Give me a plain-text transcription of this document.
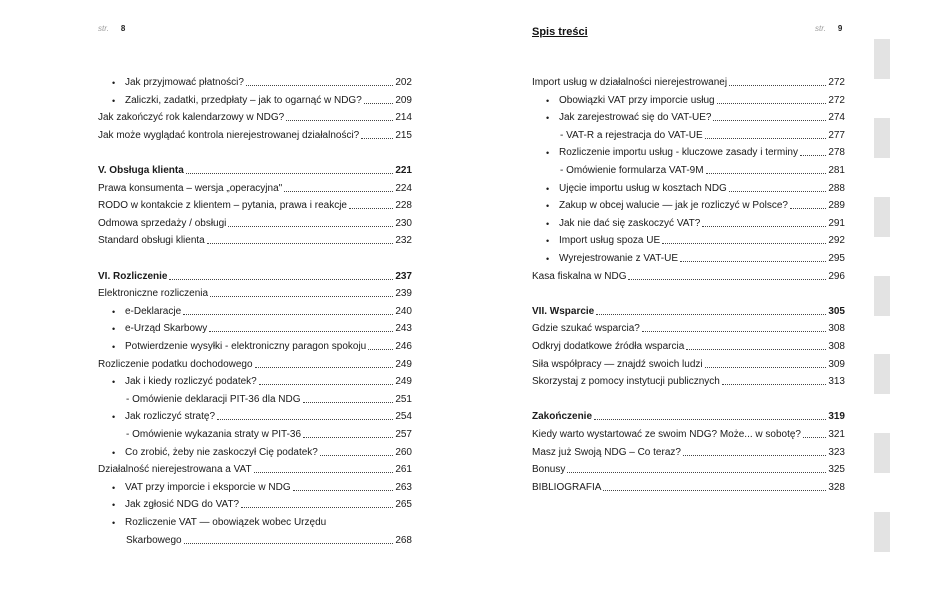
str. 8
• Jak przyjmować płatności?	202
• Zaliczki, zadatki, przedpłaty – jak to ogarnąć w NDG?	209
Jak zakończyć rok kalendarzowy w NDG?	214
Jak może wyglądać kontrola nierejestrowanej działalności?	215
V. Obsługa klienta	221
Prawa konsumenta – wersja „operacyjna"	224
RODO w kontakcie z klientem – pytania, prawa i reakcje	228
Odmowa sprzedaży / obsługi	230
Standard obsługi klienta	232
VI. Rozliczenie	237
Elektroniczne rozliczenia	239
• e-Deklaracje	240
• e-Urząd Skarbowy	243
• Potwierdzenie wysyłki - elektroniczny paragon spokoju	246
Rozliczenie podatku dochodowego	249
• Jak i kiedy rozliczyć podatek?	249
- Omówienie deklaracji PIT-36 dla NDG	251
• Jak rozliczyć stratę?	254
- Omówienie wykazania straty w PIT-36	257
• Co zrobić, żeby nie zaskoczył Cię podatek?	260
Działalność nierejestrowana a VAT	261
• VAT przy imporcie i eksporcie w NDG	263
• Jak zgłosić NDG do VAT?	265
• Rozliczenie VAT — obowiązek wobec Urzędu
Skarbowego	268
Spis treści	str. 9
Import usług w działalności nierejestrowanej	272
• Obowiązki VAT przy imporcie usług	272
• Jak zarejestrować się do VAT-UE?	274
- VAT-R a rejestracja do VAT-UE	277
• Rozliczenie importu usług - kluczowe zasady i terminy	278
- Omówienie formularza VAT-9M	281
• Ujęcie importu usług w kosztach NDG	288
• Zakup w obcej walucie — jak je rozliczyć w Polsce?	289
• Jak nie dać się zaskoczyć VAT?	291
• Import usług spoza UE	292
• Wyrejestrowanie z VAT-UE	295
Kasa fiskalna w NDG	296
VII. Wsparcie	305
Gdzie szukać wsparcia?	308
Odkryj dodatkowe źródła wsparcia	308
Siła współpracy — znajdź swoich ludzi	309
Skorzystaj z pomocy instytucji publicznych	313
Zakończenie	319
Kiedy warto wystartować ze swoim NDG? Może... w sobotę?	321
Masz już Swoją NDG – Co teraz?	323
Bonusy	325
BIBLIOGRAFIA	328
